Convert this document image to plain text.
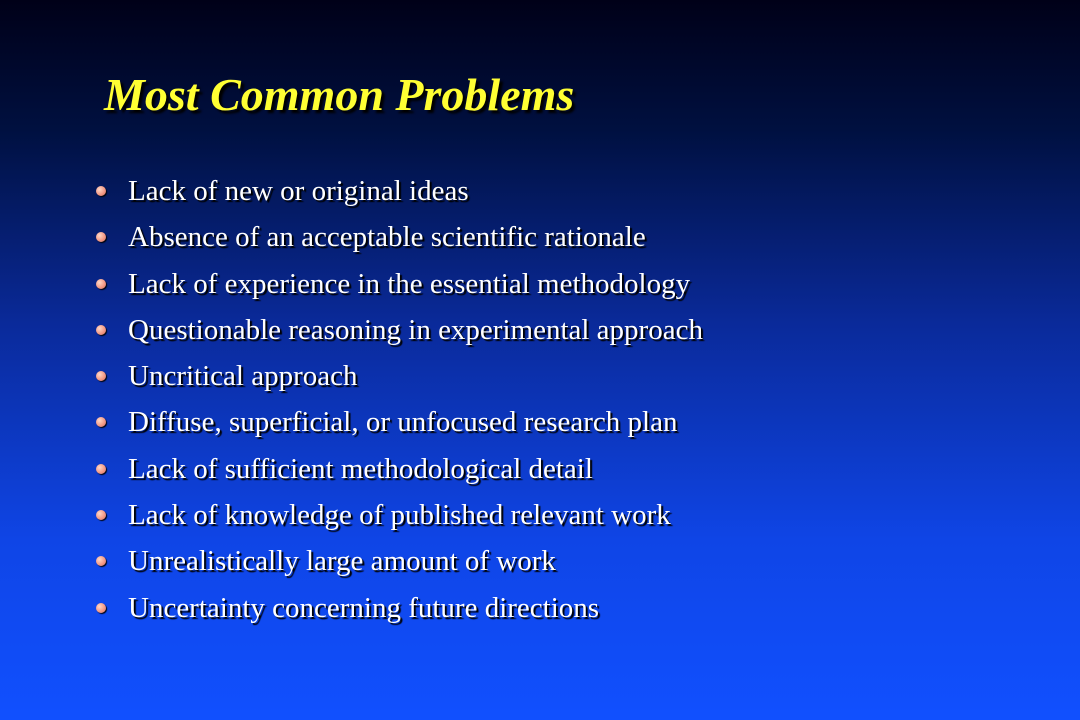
Most Common Problems
Lack of new or original ideas
Absence of an acceptable scientific rationale
Lack of experience in the essential methodology
Questionable reasoning in experimental approach
Uncritical approach
Diffuse, superficial, or unfocused research plan
Lack of sufficient methodological detail
Lack of knowledge of published relevant work
Unrealistically large amount of work
Uncertainty concerning future directions
